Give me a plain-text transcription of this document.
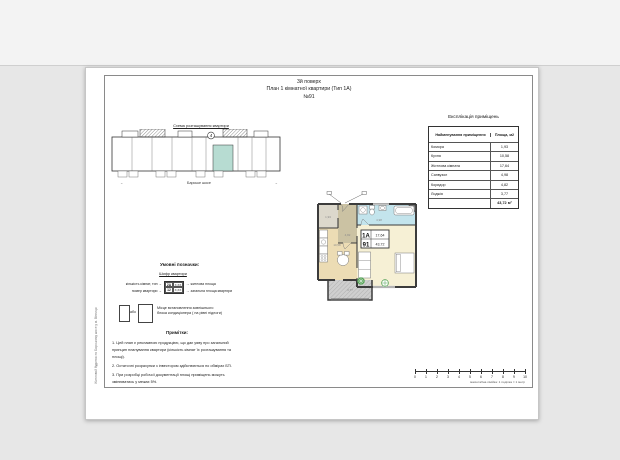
3й поверх
План 1 кімнатної квартири (Тип 1А)
№91
Житловий будинок по Барському шосе у м. Вінниця
Схема розташування квартири
4
←	Барське шосе	→
Експлікація приміщень
Найменування приміщення	Площа, м2
Комора	1,93
Кухня	10,58
Житлова кімната	17,64
Санвузол	4,98
Коридор	4,82
Лоджія	3,77
43,72 м²
1,93
4,82
4,98
10,58
3,77
1А
91
17,64
43,72
Умовні позначки:
Шифр квартири
кількість кімнат, тип →
номер квартири →
2А	Х,ХХ
12	Х,ХХ
→ житлова площа
→ загальна площа квартири
або
Місце встановлення зовнішнього
блока кондиціонера ( на рівні підлоги)
Примітки:
1. Цей план є рекламною продукцією, що дає уяву про загальний принцип планування квартири (кількість кімнат їх розташування та площі).
2. Остаточні розрахунки з інвестором здійснюються по обмірах БТІ.
3. При розробці робочої документації площі приміщень можуть змінюватись у межах 5%.
0	1	2	3	4	5	6	7	8	9	10
масштабна лінійка: 1 поділка = 1 метр
